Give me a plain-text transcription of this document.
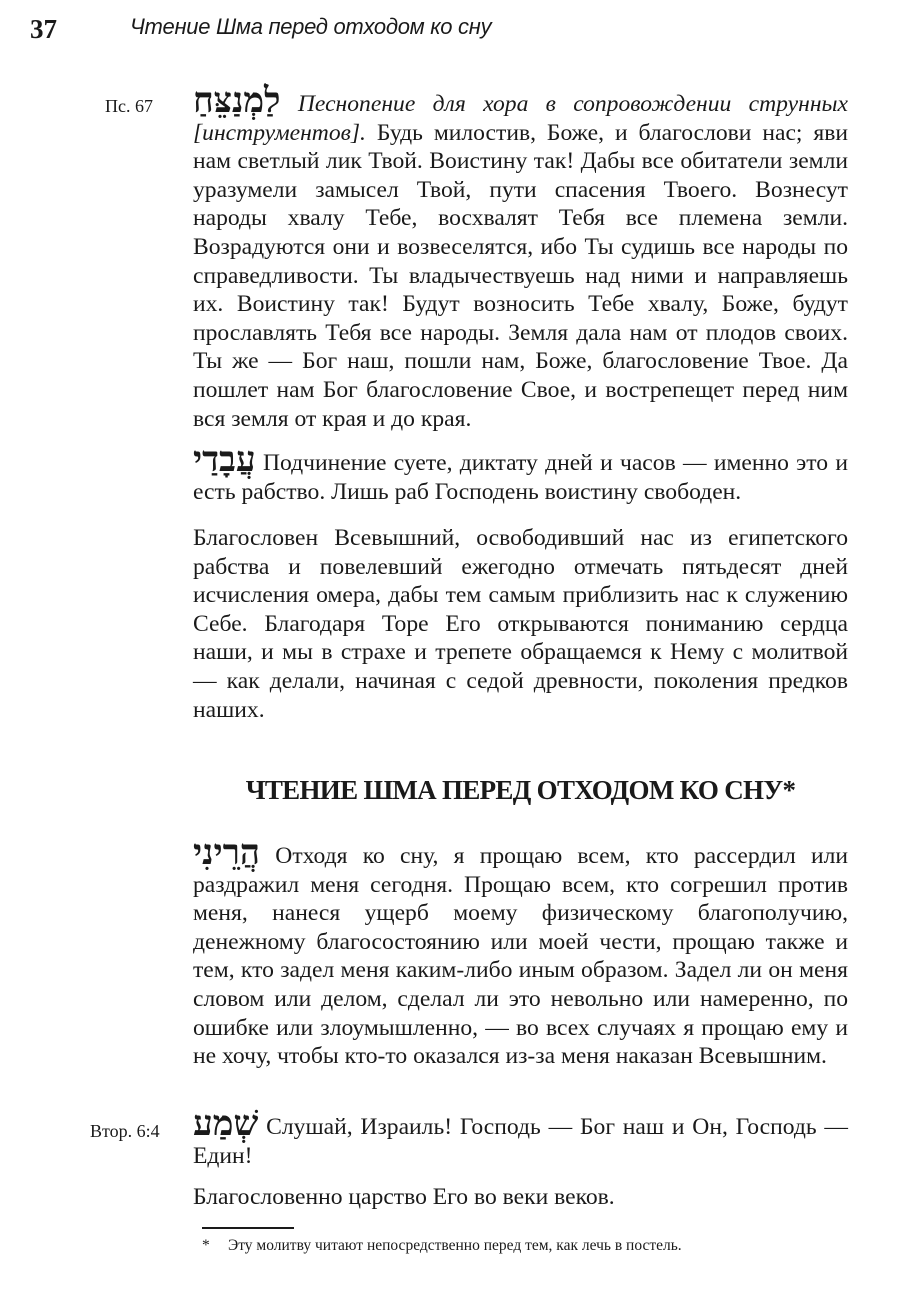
37	Чтение Шма перед отходом ко сну
Пс. 67 לַמְנַצֵּחַ Песнопение для хора в сопровождении струнных [инструментов]. Будь милостив, Боже, и благослови нас; яви нам светлый лик Твой. Воистину так! Дабы все обитатели земли уразумели замысел Твой, пути спасения Твоего. Вознесут народы хвалу Тебе, восхвалят Тебя все племена земли. Возрадуются они и возвеселятся, ибо Ты судишь все народы по справедливости. Ты владычествуешь над ними и направляешь их. Воистину так! Будут возносить Тебе хвалу, Боже, будут прославлять Тебя все народы. Земля дала нам от плодов своих. Ты же — Бог наш, пошли нам, Боже, благословение Твое. Да пошлет нам Бог благословение Свое, и вострепещет перед ним вся земля от края и до края.

עֲבָדַי Подчинение суете, диктату дней и часов — именно это и есть рабство. Лишь раб Господень воистину свободен.

Благословен Всевышний, освободивший нас из египетского рабства и повелевший ежегодно отмечать пятьдесят дней исчисления омера, дабы тем самым приблизить нас к служению Себе. Благодаря Торе Его открываются пониманию сердца наши, и мы в страхе и трепете обращаемся к Нему с молитвой — как делали, начиная с седой древности, поколения предков наших.

ЧТЕНИЕ ШМА ПЕРЕД ОТХОДОМ КО СНУ*

הֲרֵינִי Отходя ко сну, я прощаю всем, кто рассердил или раздражил меня сегодня. Прощаю всем, кто согрешил против меня, нанеся ущерб моему физическому благополучию, денежному благосостоянию или моей чести, прощаю также и тем, кто задел меня каким-либо иным образом. Задел ли он меня словом или делом, сделал ли это невольно или намеренно, по ошибке или злоумышленно, — во всех случаях я прощаю ему и не хочу, чтобы кто-то оказался из-за меня наказан Всевышним.

Втор. 6:4 שְׁמַע Слушай, Израиль! Господь — Бог наш и Он, Господь — Един!

Благословенно царство Его во веки веков.

* Эту молитву читают непосредственно перед тем, как лечь в постель.
